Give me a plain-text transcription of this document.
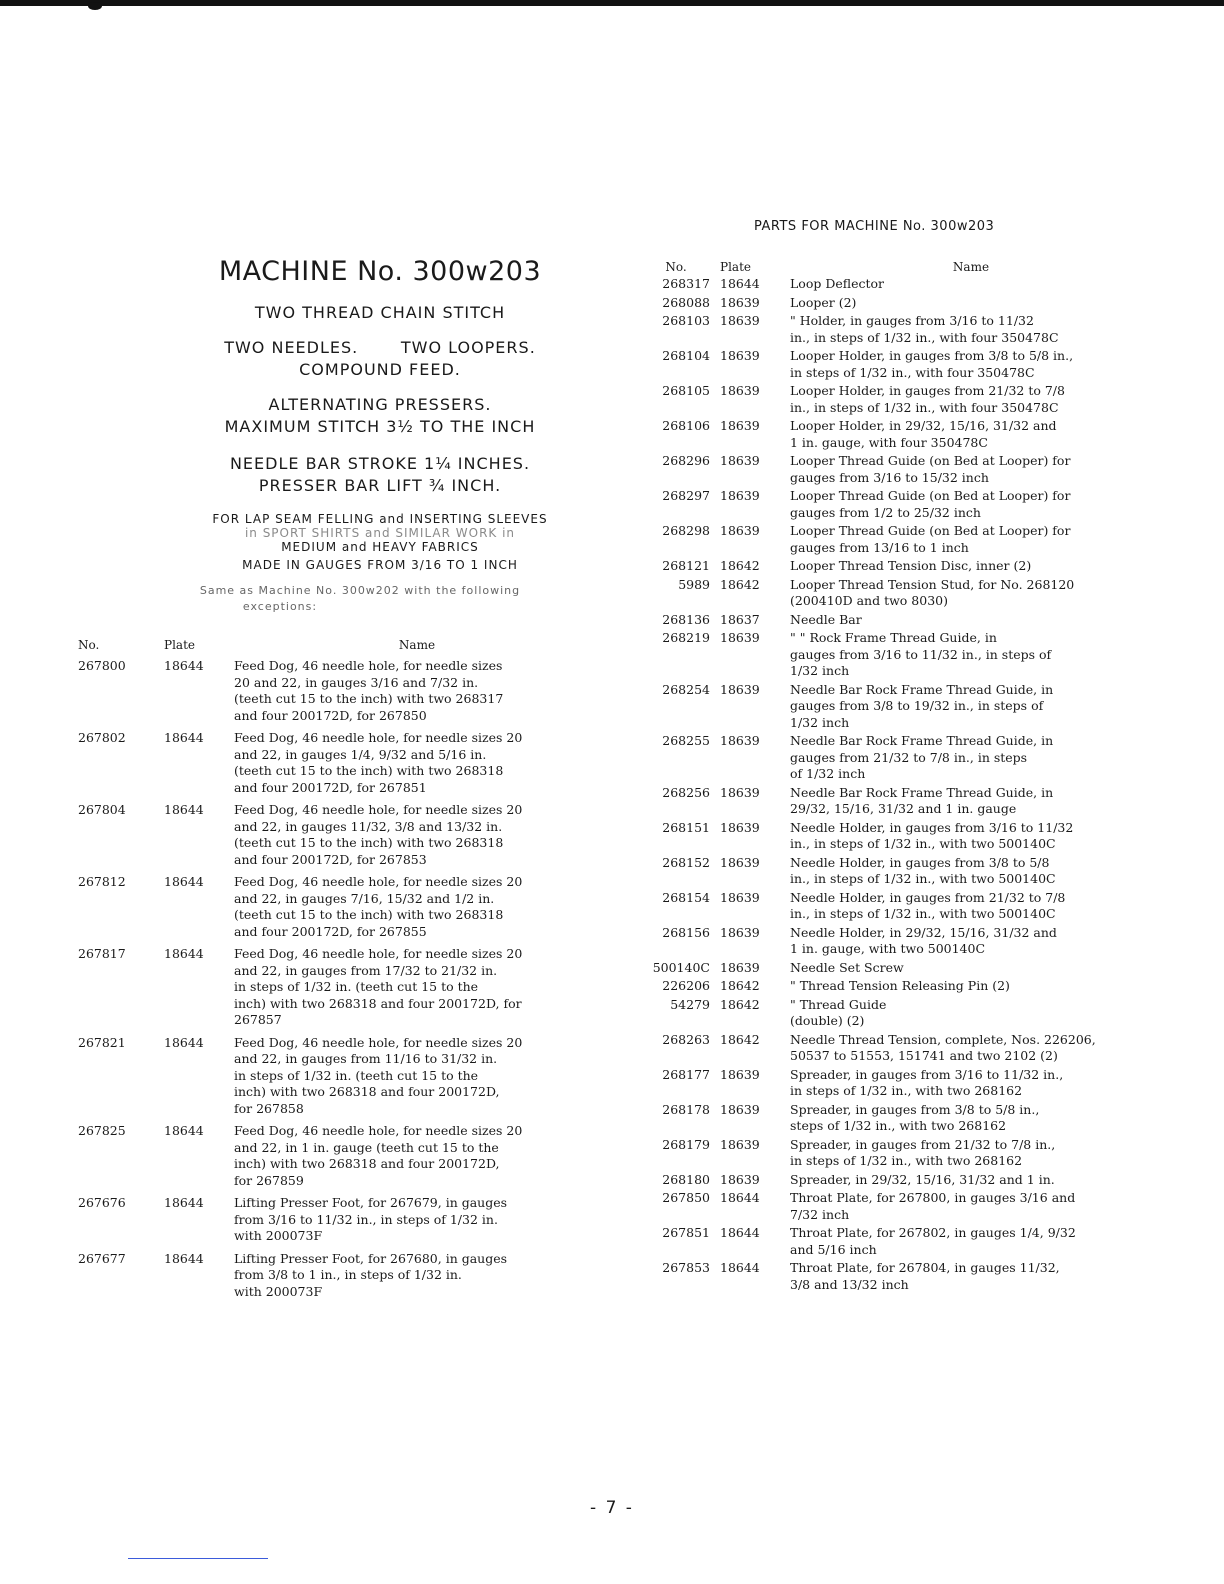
PARTS FOR MACHINE No. 300w203
MACHINE No. 300w203
TWO THREAD CHAIN STITCH
TWO NEEDLES.       TWO LOOPERS.
COMPOUND FEED.
ALTERNATING PRESSERS.
MAXIMUM STITCH 3½ TO THE INCH
NEEDLE BAR STROKE 1¼ INCHES.
PRESSER BAR LIFT ¾ INCH.
FOR LAP SEAM FELLING and INSERTING SLEEVES
in SPORT SHIRTS and SIMILAR WORK in
MEDIUM and HEAVY FABRICS
MADE IN GAUGES FROM 3/16 TO 1 INCH
Same as Machine No. 300w202 with the following
exceptions:
No.	Plate	Name
267800	18644	Feed Dog, 46 needle hole, for needle sizes
20 and 22, in gauges 3/16 and 7/32 in.
(teeth cut 15 to the inch) with two 268317
and four 200172D, for 267850
267802	18644	Feed Dog, 46 needle hole, for needle sizes 20
and 22, in gauges 1/4, 9/32 and 5/16 in.
(teeth cut 15 to the inch) with two 268318
and four 200172D, for 267851
267804	18644	Feed Dog, 46 needle hole, for needle sizes 20
and 22, in gauges 11/32, 3/8 and 13/32 in.
(teeth cut 15 to the inch) with two 268318
and four 200172D, for 267853
267812	18644	Feed Dog, 46 needle hole, for needle sizes 20
and 22, in gauges 7/16, 15/32 and 1/2 in.
(teeth cut 15 to the inch) with two 268318
and four 200172D, for 267855
267817	18644	Feed Dog, 46 needle hole, for needle sizes 20
and 22, in gauges from 17/32 to 21/32 in.
in steps of 1/32 in. (teeth cut 15 to the
inch) with two 268318 and four 200172D, for
267857
267821	18644	Feed Dog, 46 needle hole, for needle sizes 20
and 22, in gauges from 11/16 to 31/32 in.
in steps of 1/32 in. (teeth cut 15 to the
inch) with two 268318 and four 200172D,
for 267858
267825	18644	Feed Dog, 46 needle hole, for needle sizes 20
and 22, in 1 in. gauge (teeth cut 15 to the
inch) with two 268318 and four 200172D,
for 267859
267676	18644	Lifting Presser Foot, for 267679, in gauges
from 3/16 to 11/32 in., in steps of 1/32 in.
with 200073F
267677	18644	Lifting Presser Foot, for 267680, in gauges
from 3/8 to 1 in., in steps of 1/32 in.
with 200073F
No.	Plate	Name
268317 18644	Loop Deflector
268088 18639	Looper (2)
268103 18639	" Holder, in gauges from 3/16 to 11/32
in., in steps of 1/32 in., with four 350478C
268104 18639	Looper Holder, in gauges from 3/8 to 5/8 in.,
in steps of 1/32 in., with four 350478C
268105 18639	Looper Holder, in gauges from 21/32 to 7/8
in., in steps of 1/32 in., with four 350478C
268106 18639	Looper Holder, in 29/32, 15/16, 31/32 and
1 in. gauge, with four 350478C
268296 18639	Looper Thread Guide (on Bed at Looper) for
gauges from 3/16 to 15/32 inch
268297 18639	Looper Thread Guide (on Bed at Looper) for
gauges from 1/2 to 25/32 inch
268298 18639	Looper Thread Guide (on Bed at Looper) for
gauges from 13/16 to 1 inch
268121 18642	Looper Thread Tension Disc, inner (2)
5989 18642	Looper Thread Tension Stud, for No. 268120
(200410D and two 8030)
268136 18637	Needle Bar
268219 18639	" " Rock Frame Thread Guide, in
gauges from 3/16 to 11/32 in., in steps of
1/32 inch
268254 18639	Needle Bar Rock Frame Thread Guide, in
gauges from 3/8 to 19/32 in., in steps of
1/32 inch
268255 18639	Needle Bar Rock Frame Thread Guide, in
gauges from 21/32 to 7/8 in., in steps
of 1/32 inch
268256 18639	Needle Bar Rock Frame Thread Guide, in
29/32, 15/16, 31/32 and 1 in. gauge
268151 18639	Needle Holder, in gauges from 3/16 to 11/32
in., in steps of 1/32 in., with two 500140C
268152 18639	Needle Holder, in gauges from 3/8 to 5/8
in., in steps of 1/32 in., with two 500140C
268154 18639	Needle Holder, in gauges from 21/32 to 7/8
in., in steps of 1/32 in., with two 500140C
268156 18639	Needle Holder, in 29/32, 15/16, 31/32 and
1 in. gauge, with two 500140C
500140C 18639	Needle Set Screw
226206 18642	" Thread Tension Releasing Pin (2)
54279 18642	" Thread Guide
(double) (2)
268263 18642	Needle Thread Tension, complete, Nos. 226206,
50537 to 51553, 151741 and two 2102 (2)
268177 18639	Spreader, in gauges from 3/16 to 11/32 in.,
in steps of 1/32 in., with two 268162
268178 18639	Spreader, in gauges from 3/8 to 5/8 in.,
steps of 1/32 in., with two 268162
268179 18639	Spreader, in gauges from 21/32 to 7/8 in.,
in steps of 1/32 in., with two 268162
268180 18639	Spreader, in 29/32, 15/16, 31/32 and 1 in.
267850 18644	Throat Plate, for 267800, in gauges 3/16 and
7/32 inch
267851 18644	Throat Plate, for 267802, in gauges 1/4, 9/32
and 5/16 inch
267853 18644	Throat Plate, for 267804, in gauges 11/32,
3/8 and 13/32 inch
- 7 -
